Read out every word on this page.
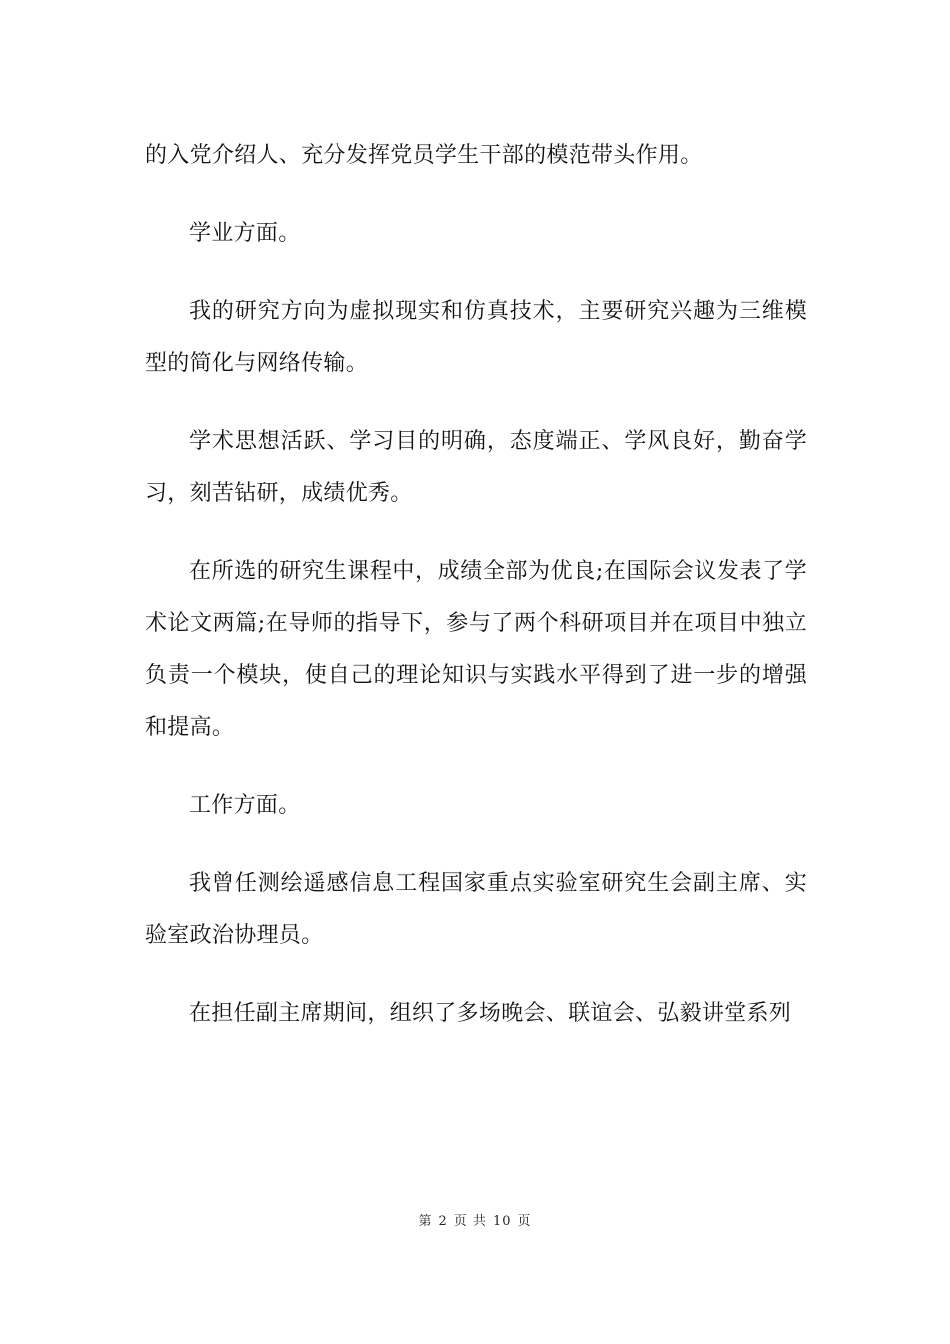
的入党介绍人、充分发挥党员学生干部的模范带头作用。

学业方面。

我的研究方向为虚拟现实和仿真技术，主要研究兴趣为三维模型的简化与网络传输。

学术思想活跃、学习目的明确，态度端正、学风良好，勤奋学习，刻苦钻研，成绩优秀。

在所选的研究生课程中，成绩全部为优良;在国际会议发表了学术论文两篇;在导师的指导下，参与了两个科研项目并在项目中独立负责一个模块，使自己的理论知识与实践水平得到了进一步的增强和提高。

工作方面。

我曾任测绘遥感信息工程国家重点实验室研究生会副主席、实验室政治协理员。

在担任副主席期间，组织了多场晚会、联谊会、弘毅讲堂系列

第 2 页 共 10 页
